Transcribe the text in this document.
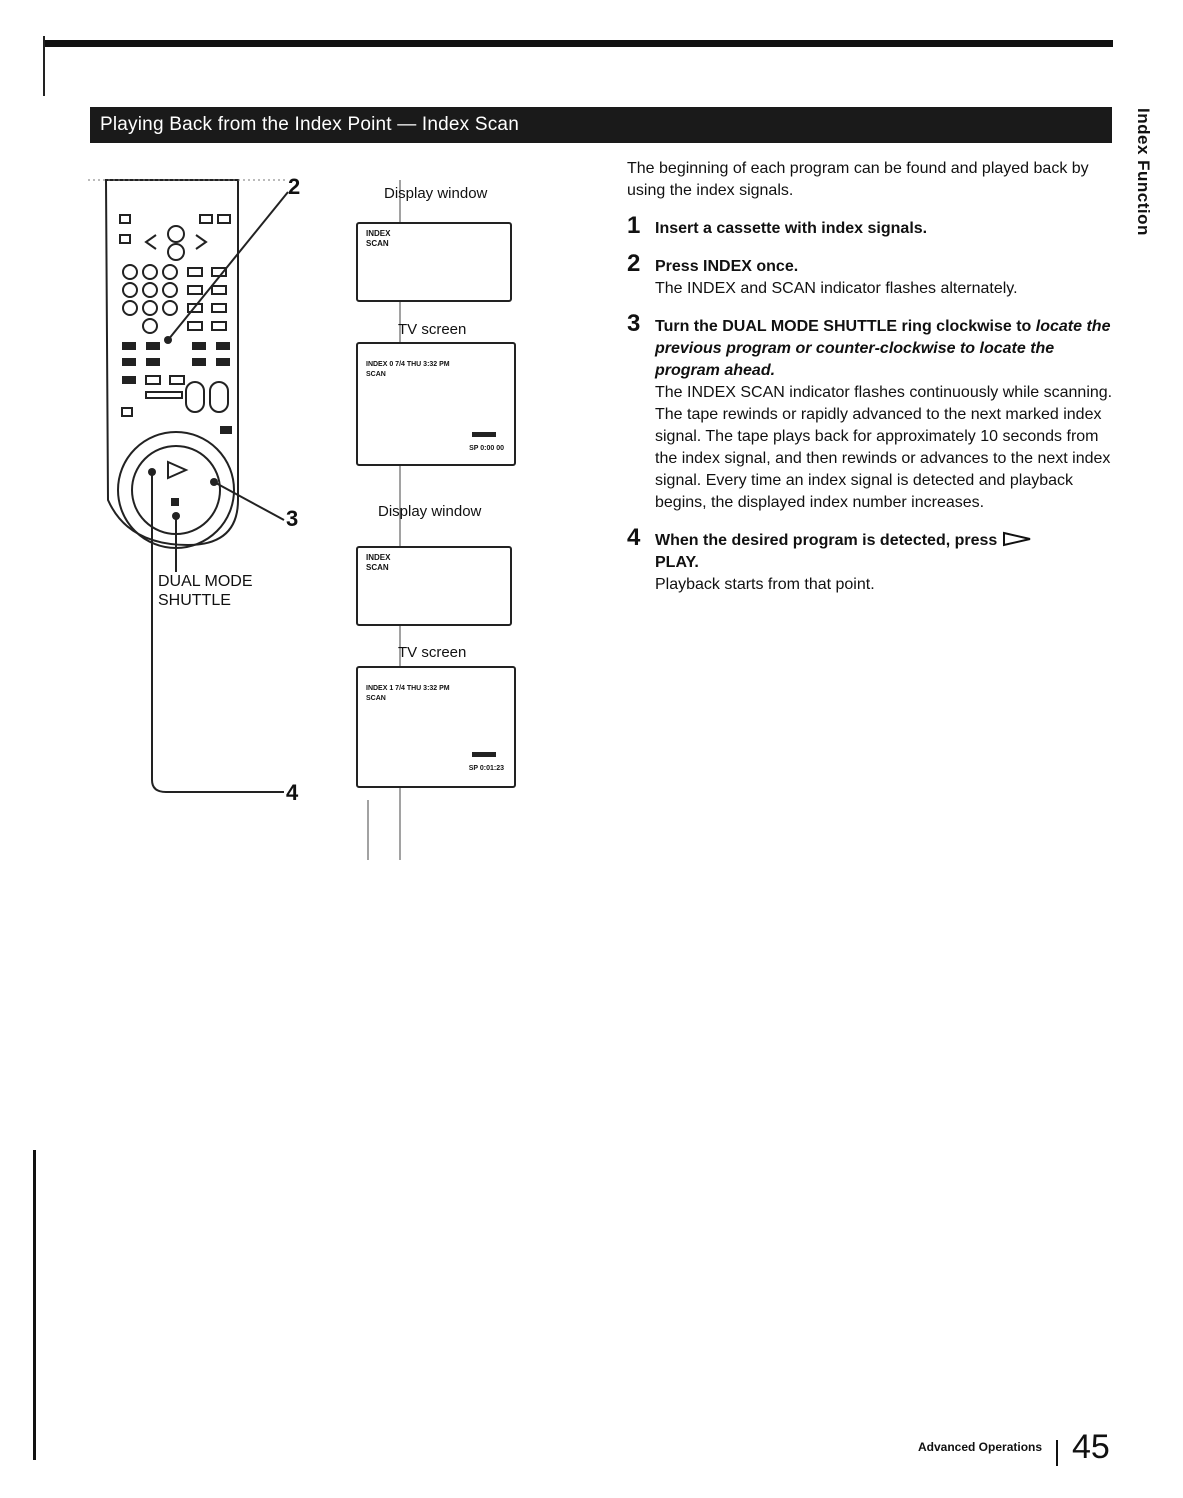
Playing Back from the Index Point — Index Scan	Index Function
2
3
4
DUAL MODE
SHUTTLE
Display window
INDEX
SCAN
TV screen
INDEX 0 7/4 THU 3:32 PM
SCAN
SP 0:00 00
Display window
INDEX
SCAN
TV screen
INDEX 1 7/4 THU 3:32 PM
SCAN
SP 0:01:23

The beginning of each program can be found and played back by using the index signals.

1 Insert a cassette with index signals.

2 Press INDEX once.

The INDEX and SCAN indicator flashes alternately.

3 Turn the DUAL MODE SHUTTLE ring clockwise to locate the previous program or counter-clockwise to locate the program ahead.

The INDEX SCAN indicator flashes continuously while scanning. The tape rewinds or rapidly advanced to the next marked index signal. The tape plays back for approximately 10 seconds from the index signal, and then rewinds or advances to the next index signal. Every time an index signal is detected and playback begins, the displayed index number increases.

4 When the desired program is detected, press
PLAY.

Playback starts from that point.

Advanced Operations 45
